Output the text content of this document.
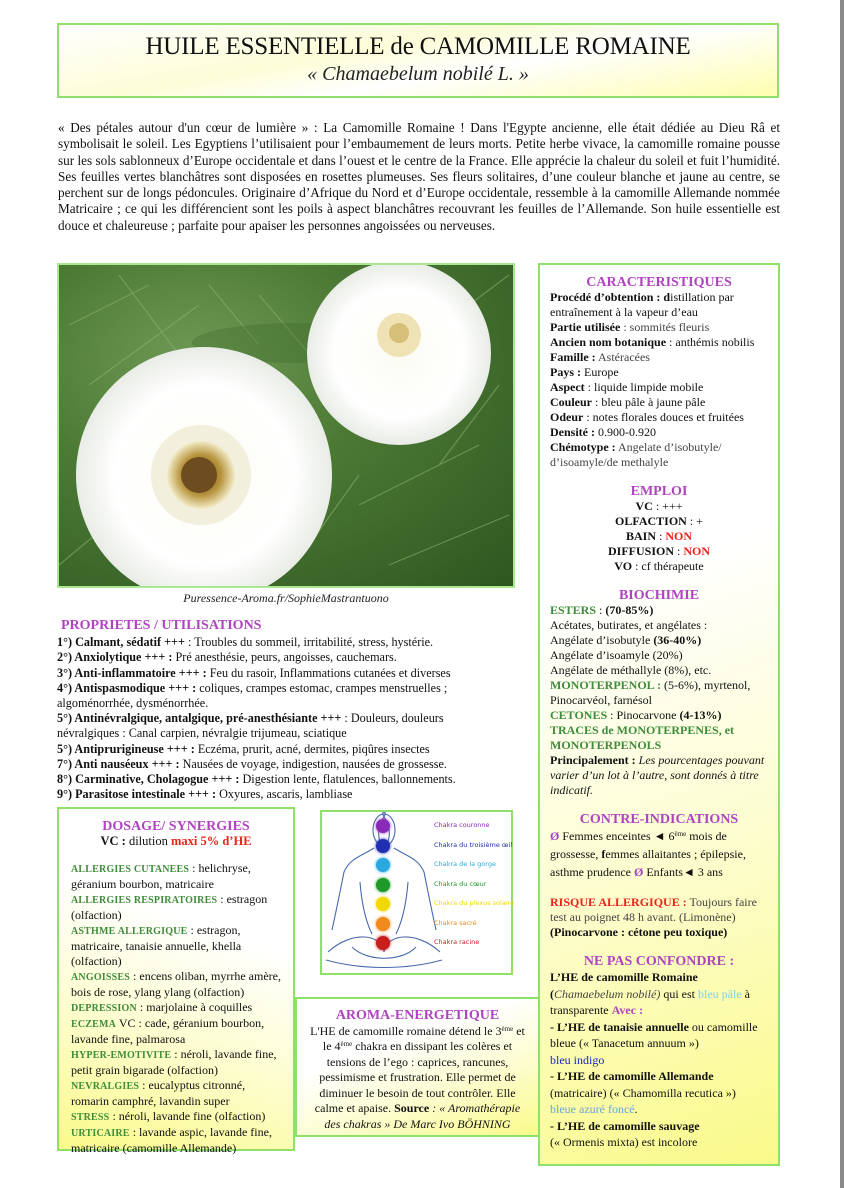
HUILE ESSENTIELLE de CAMOMILLE ROMAINE
« Chamaebelum nobilé L. »
« Des pétales autour d'un cœur de lumière » : La Camomille Romaine ! Dans l'Egypte ancienne, elle était dédiée au Dieu Râ et symbolisait le soleil. Les Egyptiens l’utilisaient pour l’embaumement de leurs morts. Petite herbe vivace, la camomille romaine pousse sur les sols sablonneux d’Europe occidentale et dans l’ouest et le centre de la France. Elle apprécie la chaleur du soleil et fuit l’humidité. Ses feuilles vertes blanchâtres sont disposées en rosettes plumeuses. Ses fleurs solitaires, d’une couleur blanche et jaune au centre, se perchent sur de longs pédoncules. Originaire d’Afrique du Nord et d’Europe occidentale, ressemble à la camomille Allemande nommée Matricaire ; ce qui les différencient sont les poils à aspect blanchâtres recouvrant les feuilles de l’Allemande. Son huile essentielle est douce et chaleureuse ; parfaite pour apaiser les personnes angoissées ou nerveuses.
Puressence-Aroma.fr/SophieMastrantuono
PROPRIETES / UTILISATIONS
1°) Calmant, sédatif +++ : Troubles du sommeil, irritabilité, stress, hystérie.
2°) Anxiolytique +++ : Pré anesthésie, peurs, angoisses, cauchemars.
3°) Anti-inflammatoire +++ : Feu du rasoir, Inflammations cutanées et diverses
4°) Antispasmodique +++ : coliques, crampes estomac, crampes menstruelles ; algoménorrhée, dysménorrhée.
5°) Antinévralgique, antalgique, pré-anesthésiante +++ : Douleurs, douleurs névralgiques : Canal carpien, névralgie trijumeau, sciatique
5°) Antiprurigineuse +++ : Eczéma, prurit, acné, dermites, piqûres insectes
7°) Anti nauséeux +++ : Nausées de voyage, indigestion, nausées de grossesse.
8°) Carminative, Cholagogue +++ : Digestion lente, flatulences, ballonnements.
9°) Parasitose intestinale +++ : Oxyures, ascaris, lambliase
CARACTERISTIQUES
Procédé d’obtention : distillation par entraînement à la vapeur d’eau
Partie utilisée : sommités fleuris
Ancien nom botanique : anthémis nobilis
Famille : Astéracées
Pays : Europe
Aspect : liquide limpide mobile
Couleur : bleu pâle à jaune pâle
Odeur : notes florales douces et fruitées
Densité : 0.900-0.920
Chémotype : Angelate d’isobutyle/ d’isoamyle/de methalyle
EMPLOI
VC : +++
OLFACTION : +
BAIN : NON
DIFFUSION : NON
VO : cf thérapeute
BIOCHIMIE
ESTERS : (70-85%)
Acétates, butirates, et angélates :
Angélate d’isobutyle (36-40%)
Angélate d’isoamyle (20%)
Angélate de méthallyle (8%), etc.
MONOTERPENOL : (5-6%), myrtenol, Pinocarvéol, farnésol
CETONES : Pinocarvone (4-13%)
TRACES de MONOTERPENES, et MONOTERPENOLS
Principalement : Les pourcentages pouvant varier d’un lot à l’autre, sont donnés à titre indicatif.
CONTRE-INDICATIONS
Ø Femmes enceintes ◄ 6ème mois de grossesse, femmes allaitantes ; épilepsie, asthme prudence Ø Enfants◄ 3 ans
RISQUE ALLERGIQUE : Toujours faire test au poignet 48 h avant. (Limonène)
(Pinocarvone : cétone peu toxique)
NE PAS CONFONDRE :
L’HE de camomille Romaine
(Chamaebelum nobilé) qui est bleu pâle à transparente Avec :
- L’HE de tanaisie annuelle ou camomille bleue (« Tanacetum annuum »)
bleu indigo
- L’HE de camomille Allemande
(matricaire) (« Chamomilla recutica »)
bleue azuré foncé.
- L’HE de camomille sauvage
(« Ormenis mixta) est incolore
DOSAGE/ SYNERGIES
VC : dilution maxi 5% d’HE
ALLERGIES CUTANEES : helichryse, géranium bourbon, matricaire
ALLERGIES RESPIRATOIRES : estragon (olfaction)
ASTHME ALLERGIQUE : estragon, matricaire, tanaisie annuelle, khella (olfaction)
ANGOISSES : encens oliban, myrrhe amère, bois de rose, ylang ylang (olfaction)
DEPRESSION : marjolaine à coquilles
ECZEMA VC : cade, géranium bourbon, lavande fine, palmarosa
HYPER-EMOTIVITE : néroli, lavande fine, petit grain bigarade (olfaction)
NEVRALGIES : eucalyptus citronné, romarin camphré, lavandin super
STRESS : néroli, lavande fine (olfaction)
URTICAIRE : lavande aspic, lavande fine, matricaire (camomille Allemande)
Chakra couronne
Chakra du troisième œil
Chakra de la gorge
Chakra du cœur
Chakra du plexus solaire
Chakra sacré
Chakra racine
AROMA-ENERGETIQUE
L'HE de camomille romaine détend le 3ème et le 4ème chakra en dissipant les colères et tensions de l’ego : caprices, rancunes, pessimisme et frustration. Elle permet de diminuer le besoin de tout contrôler. Elle calme et apaise. Source : « Aromathérapie des chakras » De Marc Ivo BÖHNING
